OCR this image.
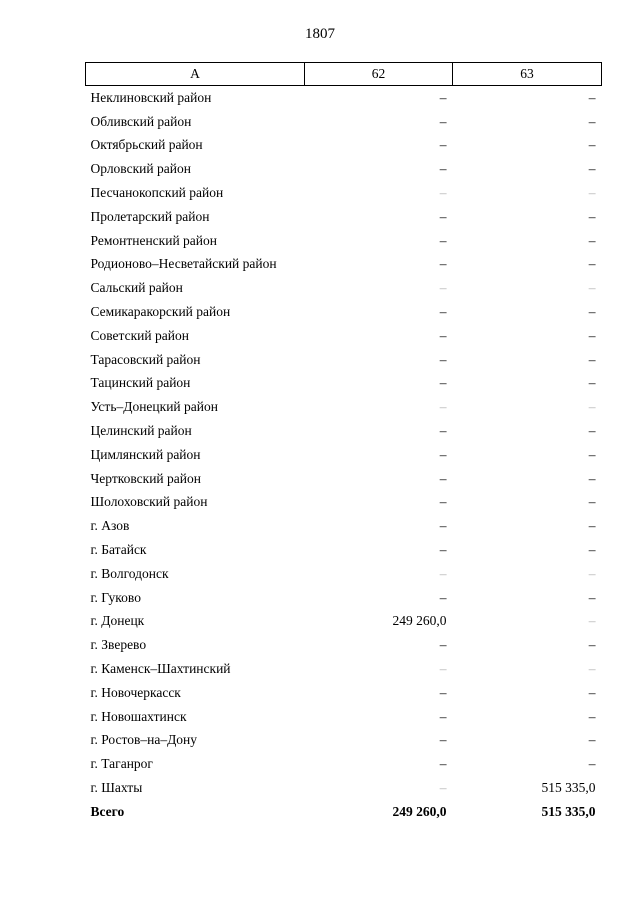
1807
А	62	63
Неклиновский район	–	–
Обливский район	–	–
Октябрьский район	–	–
Орловский район	–	–
Песчанокопский район	–	–
Пролетарский район	–	–
Ремонтненский район	–	–
Родионово–Несветайский район	–	–
Сальский район	–	–
Семикаракорский район	–	–
Советский район	–	–
Тарасовский район	–	–
Тацинский район	–	–
Усть–Донецкий район	–	–
Целинский район	–	–
Цимлянский район	–	–
Чертковский район	–	–
Шолоховский район	–	–
г. Азов	–	–
г. Батайск	–	–
г. Волгодонск	–	–
г. Гуково	–	–
г. Донецк	249 260,0	–
г. Зверево	–	–
г. Каменск–Шахтинский	–	–
г. Новочеркасск	–	–
г. Новошахтинск	–	–
г. Ростов–на–Дону	–	–
г. Таганрог	–	–
г. Шахты	–	515 335,0
Всего	249 260,0	515 335,0
